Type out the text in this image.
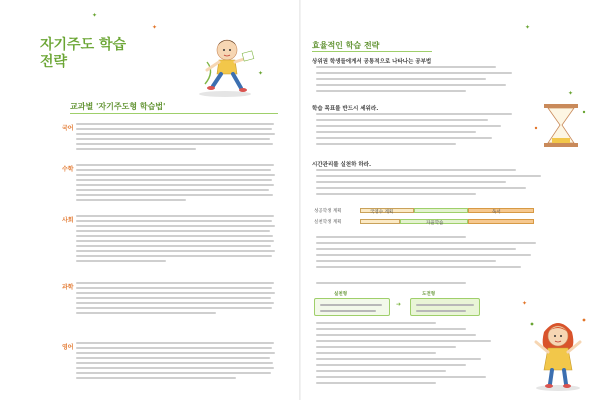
✦
✦
✦
자기주도 학습
전략
교과별 '자기주도형 학습법'
국어
수학
사회
과학
영어
✦
✦
✦
효율적인 학습 전략
상위권 학생들에게서 공통적으로 나타나는 공부법
학습 목표를 반드시 세워라.
시간관리를 실천하 하라.
성공학생 계획
실천학생 계획
국영수 계획
자율학습
독서
실천형	도전형
➜
